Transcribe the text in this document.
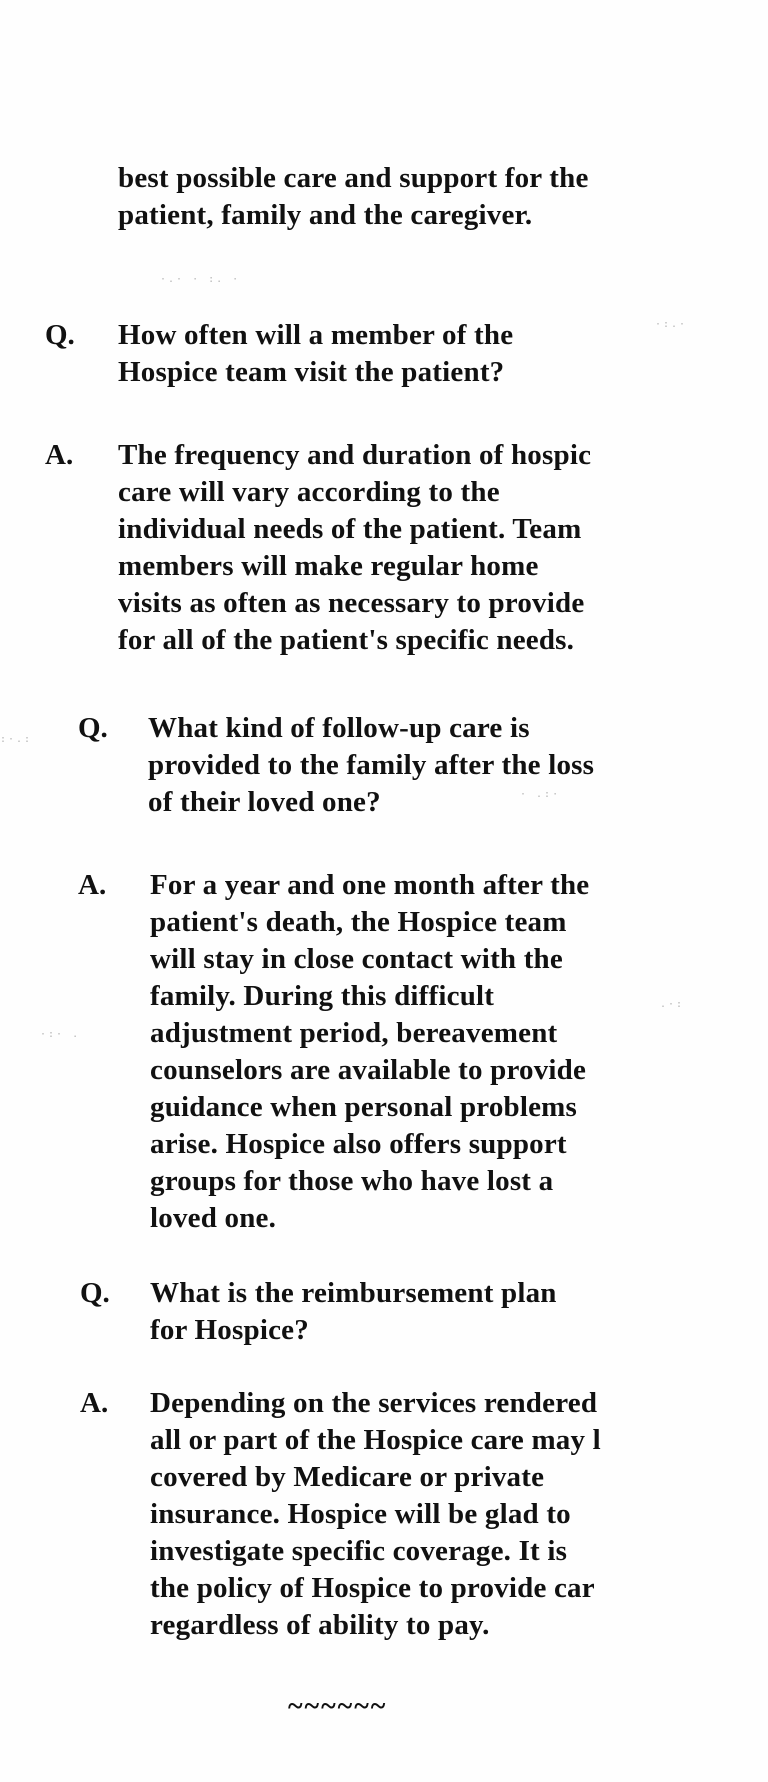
·.· · :. ·
·:.·
:·.:
· .:·
·:· .
.·:
best possible care and support for the
patient, family and the caregiver.
Q. How often will a member of the
Hospice team visit the patient?
A. The frequency and duration of hospic
care will vary according to the
individual needs of the patient. Team
members will make regular home
visits as often as necessary to provide
for all of the patient's specific needs.
Q. What kind of follow-up care is
provided to the family after the loss
of their loved one?
A. For a year and one month after the
patient's death, the Hospice team
will stay in close contact with the
family. During this difficult
adjustment period, bereavement
counselors are available to provide
guidance when personal problems
arise. Hospice also offers support
groups for those who have lost a
loved one.
Q. What is the reimbursement plan
for Hospice?
A. Depending on the services rendered
all or part of the Hospice care may l
covered by Medicare or private
insurance. Hospice will be glad to
investigate specific coverage. It is
the policy of Hospice to provide car
regardless of ability to pay.
~~~~~~
